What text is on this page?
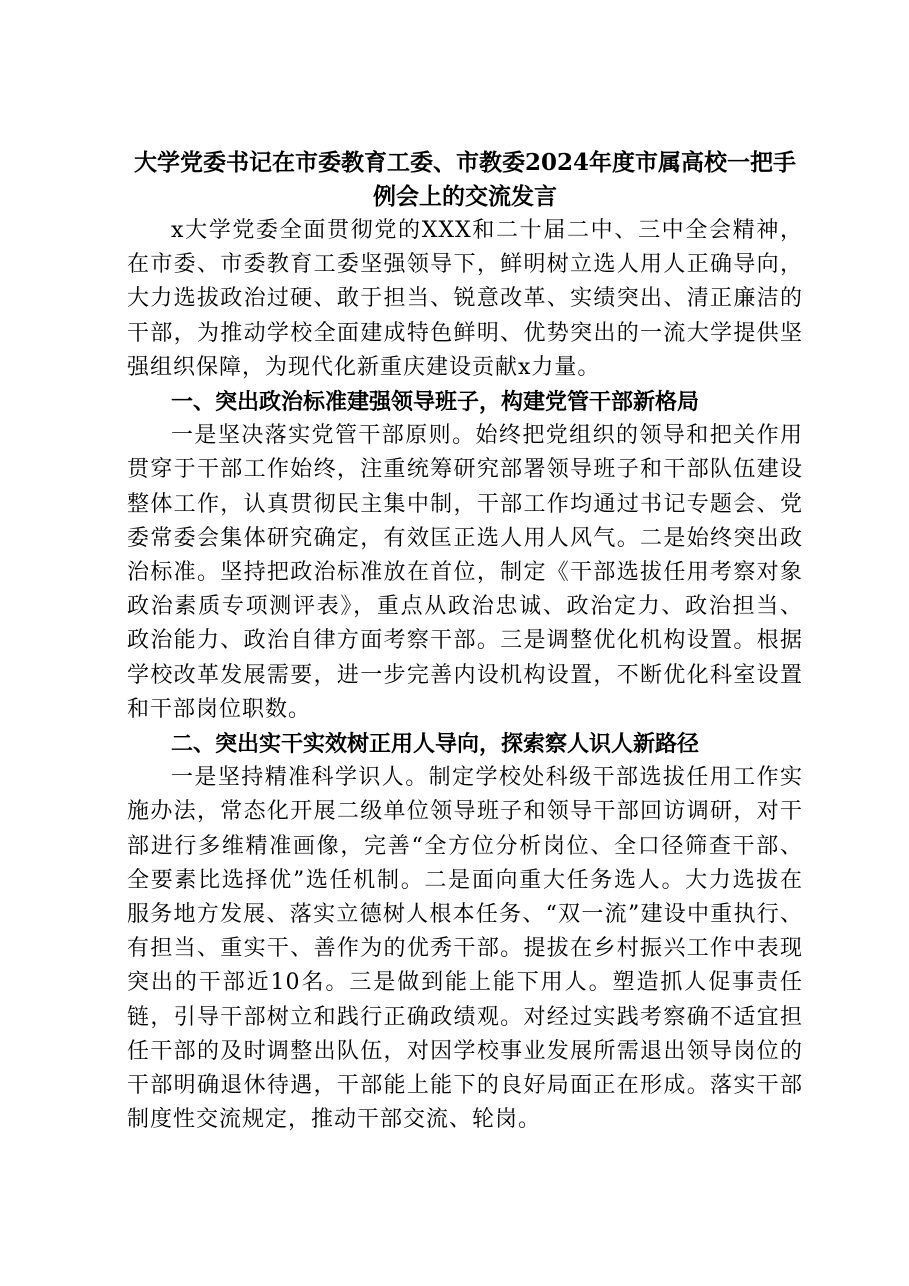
大学党委书记在市委教育工委、市教委2024年度市属高校一把手例会上的交流发言

x大学党委全面贯彻党的XXX和二十届二中、三中全会精神，在市委、市委教育工委坚强领导下，鲜明树立选人用人正确导向，大力选拔政治过硬、敢于担当、锐意改革、实绩突出、清正廉洁的干部，为推动学校全面建成特色鲜明、优势突出的一流大学提供坚强组织保障，为现代化新重庆建设贡献x力量。

一、突出政治标准建强领导班子，构建党管干部新格局

一是坚决落实党管干部原则。始终把党组织的领导和把关作用贯穿于干部工作始终，注重统筹研究部署领导班子和干部队伍建设整体工作，认真贯彻民主集中制，干部工作均通过书记专题会、党委常委会集体研究确定，有效匡正选人用人风气。二是始终突出政治标准。坚持把政治标准放在首位，制定《干部选拔任用考察对象政治素质专项测评表》，重点从政治忠诚、政治定力、政治担当、政治能力、政治自律方面考察干部。三是调整优化机构设置。根据学校改革发展需要，进一步完善内设机构设置，不断优化科室设置和干部岗位职数。

二、突出实干实效树正用人导向，探索察人识人新路径

一是坚持精准科学识人。制定学校处科级干部选拔任用工作实施办法，常态化开展二级单位领导班子和领导干部回访调研，对干部进行多维精准画像，完善“全方位分析岗位、全口径筛查干部、全要素比选择优”选任机制。二是面向重大任务选人。大力选拔在服务地方发展、落实立德树人根本任务、“双一流”建设中重执行、有担当、重实干、善作为的优秀干部。提拔在乡村振兴工作中表现突出的干部近10名。三是做到能上能下用人。塑造抓人促事责任链，引导干部树立和践行正确政绩观。对经过实践考察确不适宜担任干部的及时调整出队伍，对因学校事业发展所需退出领导岗位的干部明确退休待遇，干部能上能下的良好局面正在形成。落实干部制度性交流规定，推动干部交流、轮岗。
